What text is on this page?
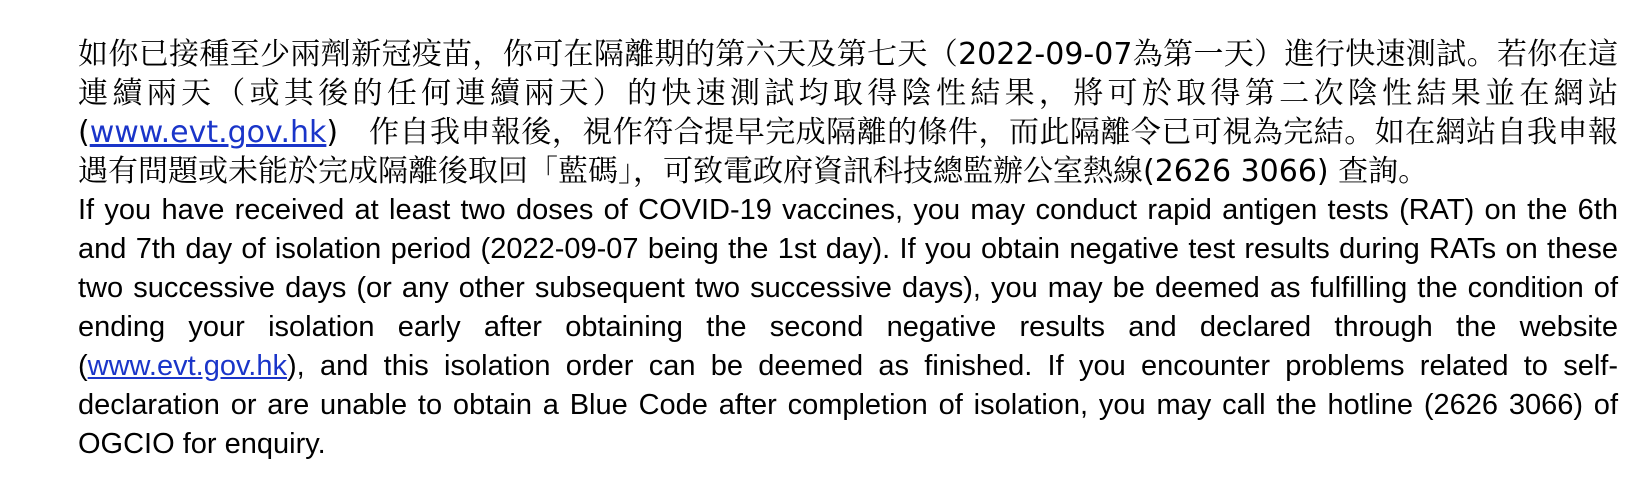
如你已接種至少兩劑新冠疫苗，你可在隔離期的第六天及第七天（2022-09-07為第一天）進行快速測試。若你在這連續兩天（或其後的任何連續兩天）的快速測試均取得陰性結果，將可於取得第二次陰性結果並在網站(www.evt.gov.hk)　作自我申報後，視作符合提早完成隔離的條件，而此隔離令已可視為完結。如在網站自我申報遇有問題或未能於完成隔離後取回「藍碼」，可致電政府資訊科技總監辦公室熱線(2626 3066) 查詢。

If you have received at least two doses of COVID-19 vaccines, you may conduct rapid antigen tests (RAT) on the 6th and 7th day of isolation period (2022-09-07 being the 1st day). If you obtain negative test results during RATs on these two successive days (or any other subsequent two successive days), you may be deemed as fulfilling the condition of ending your isolation early after obtaining the second negative results and declared through the website (www.evt.gov.hk), and this isolation order can be deemed as finished. If you encounter problems related to self-declaration or are unable to obtain a Blue Code after completion of isolation, you may call the hotline (2626 3066) of OGCIO for enquiry.
